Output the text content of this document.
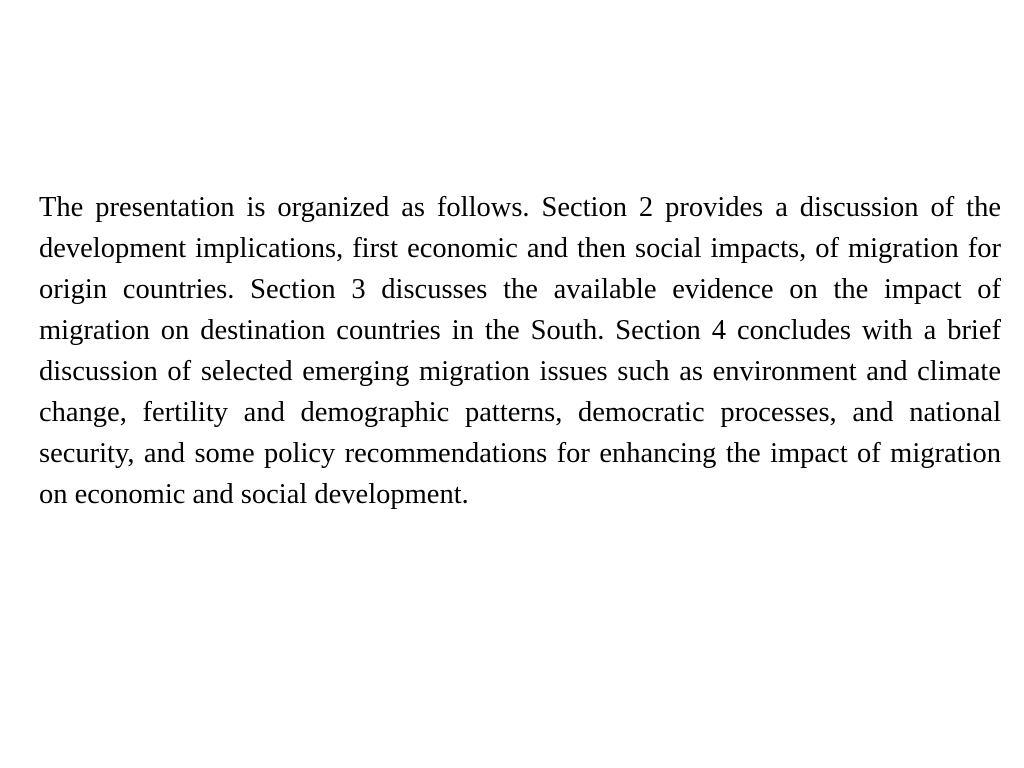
The presentation is organized as follows. Section 2 provides a discussion of the development implications, first economic and then social impacts, of migration for origin countries. Section 3 discusses the available evidence on the impact of migration on destination countries in the South. Section 4 concludes with a brief discussion of selected emerging migration issues such as environment and climate change, fertility and demographic patterns, democratic processes, and national security, and some policy recommendations for enhancing the impact of migration on economic and social development.
